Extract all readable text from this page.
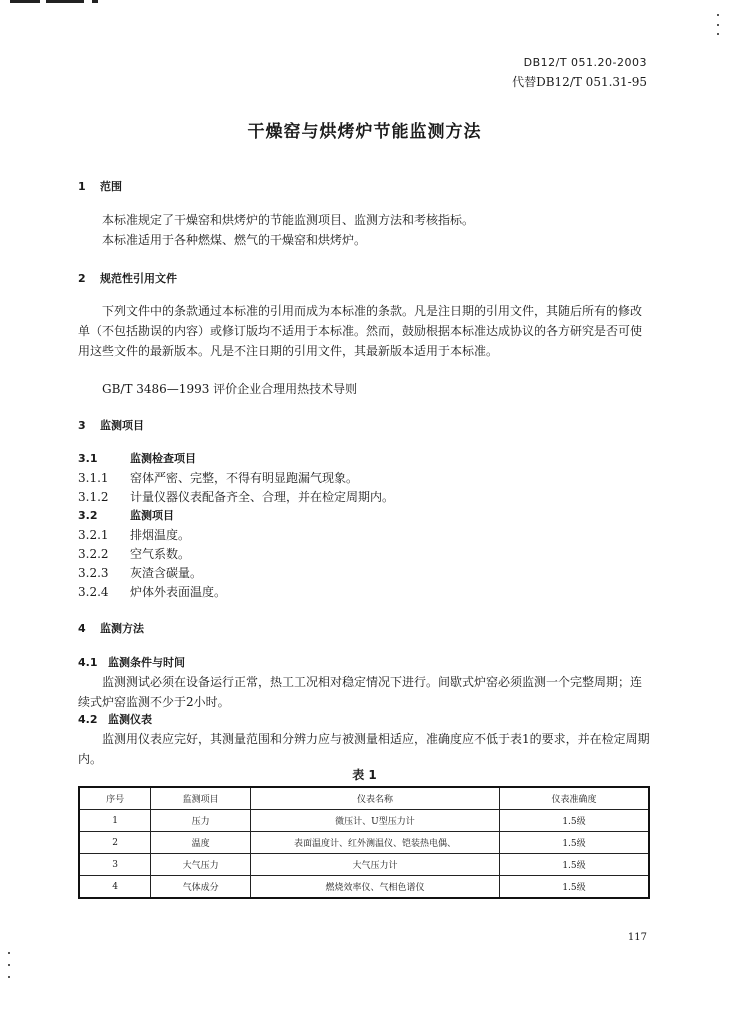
DB12/T 051.20-2003
代替DB12/T 051.31-95
干燥窑与烘烤炉节能监测方法
1 范围
本标准规定了干燥窑和烘烤炉的节能监测项目、监测方法和考核指标。
本标准适用于各种燃煤、燃气的干燥窑和烘烤炉。
2 规范性引用文件
下列文件中的条款通过本标准的引用而成为本标准的条款。凡是注日期的引用文件，其随后所有的修改单（不包括勘误的内容）或修订版均不适用于本标准。然而，鼓励根据本标准达成协议的各方研究是否可使用这些文件的最新版本。凡是不注日期的引用文件，其最新版本适用于本标准。
GB/T 3486—1993 评价企业合理用热技术导则
3 监测项目
3.1	监测检查项目
3.1.1 窑体严密、完整，不得有明显跑漏气现象。
3.1.2 计量仪器仪表配备齐全、合理，并在检定周期内。
3.2	监测项目
3.2.1 排烟温度。
3.2.2 空气系数。
3.2.3 灰渣含碳量。
3.2.4 炉体外表面温度。
4 监测方法
4.1 监测条件与时间
监测测试必须在设备运行正常，热工工况相对稳定情况下进行。间歇式炉窑必须监测一个完整周期；连续式炉窑监测不少于2小时。
4.2 监测仪表
监测用仪表应完好，其测量范围和分辨力应与被测量相适应，准确度应不低于表1的要求，并在检定周期内。
表 1
序号	监测项目	仪表名称	仪表准确度
1	压力	微压计、U型压力计	1.5级
2	温度	表面温度计、红外测温仪、铠装热电偶、	1.5级
3	大气压力	大气压力计	1.5级
4	气体成分	燃烧效率仪、气相色谱仪	1.5级
117
